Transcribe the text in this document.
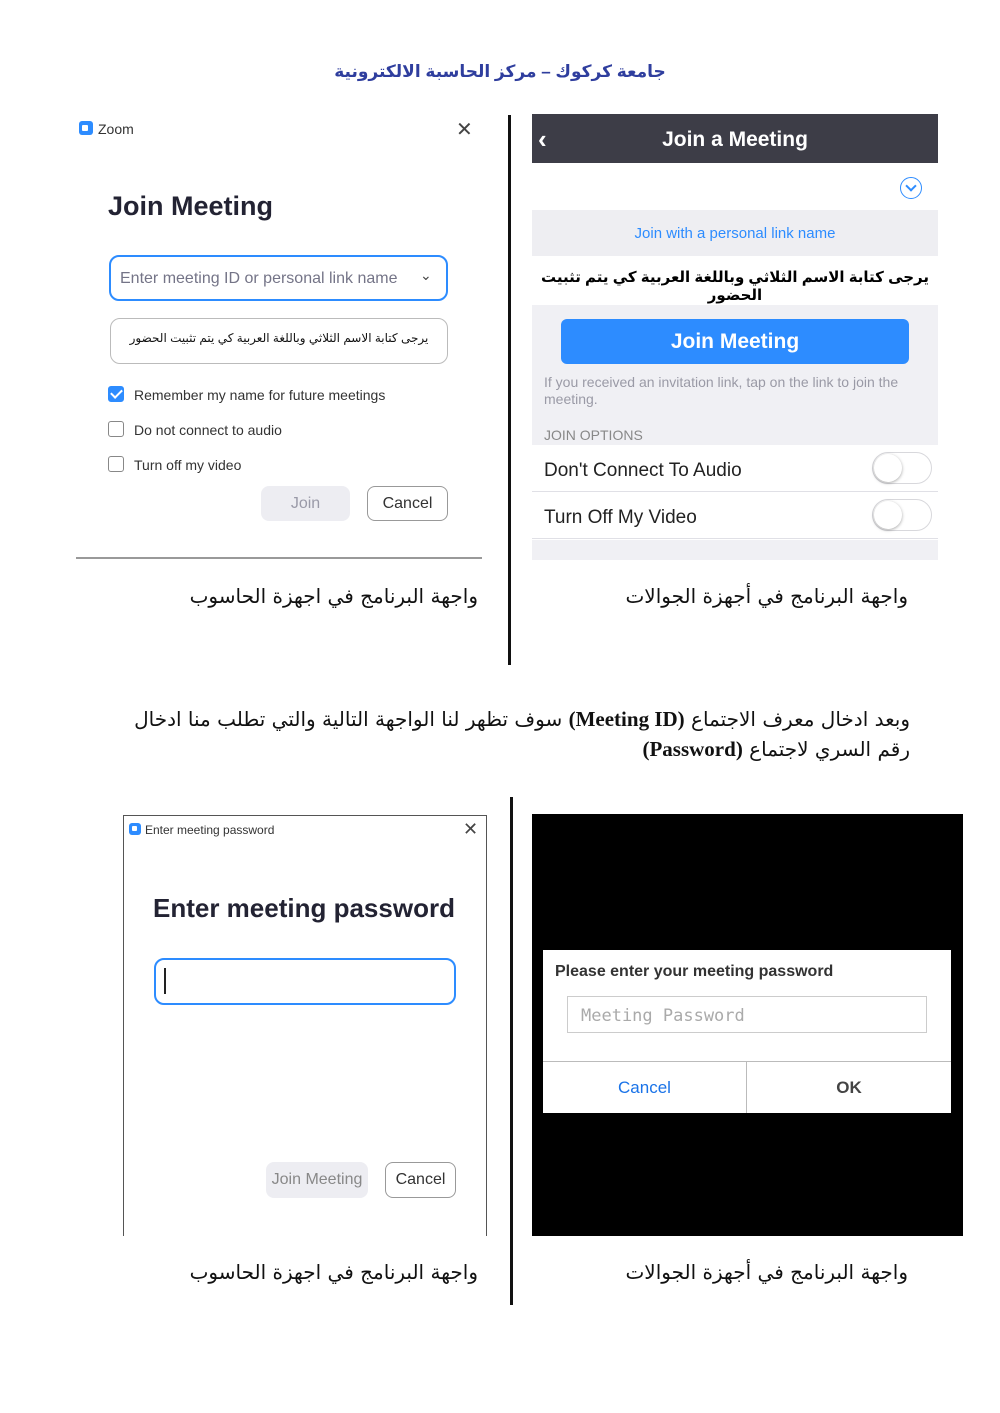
جامعة كركوك – مركز الحاسبة الالكترونية
Zoom	✕
Join Meeting
Enter meeting ID or personal link name ⌄
يرجى كتابة الاسم الثلاثي وباللغة العربية كي يتم تثبيت الحضور
Remember my name for future meetings
Do not connect to audio
Turn off my video
Join	Cancel
واجهة البرنامج في اجهزة الحاسوب
‹	Join a Meeting
Join with a personal link name
يرجى كتابة الاسم الثلاثي وباللغة العربية كي يتم تثبيت الحضور
Join Meeting
If you received an invitation link, tap on the link to join the meeting.
JOIN OPTIONS
Don't Connect To Audio
Turn Off My Video
واجهة البرنامج في أجهزة الجوالات
وبعد ادخال معرف الاجتماع (Meeting ID) سوف تظهر لنا الواجهة التالية والتي تطلب منا ادخال رقم السري لاجتماع (Password)
Enter meeting password	✕
Enter meeting password
Join Meeting	Cancel
واجهة البرنامج في اجهزة الحاسوب
Please enter your meeting password
Meeting Password
Cancel	OK
واجهة البرنامج في أجهزة الجوالات
